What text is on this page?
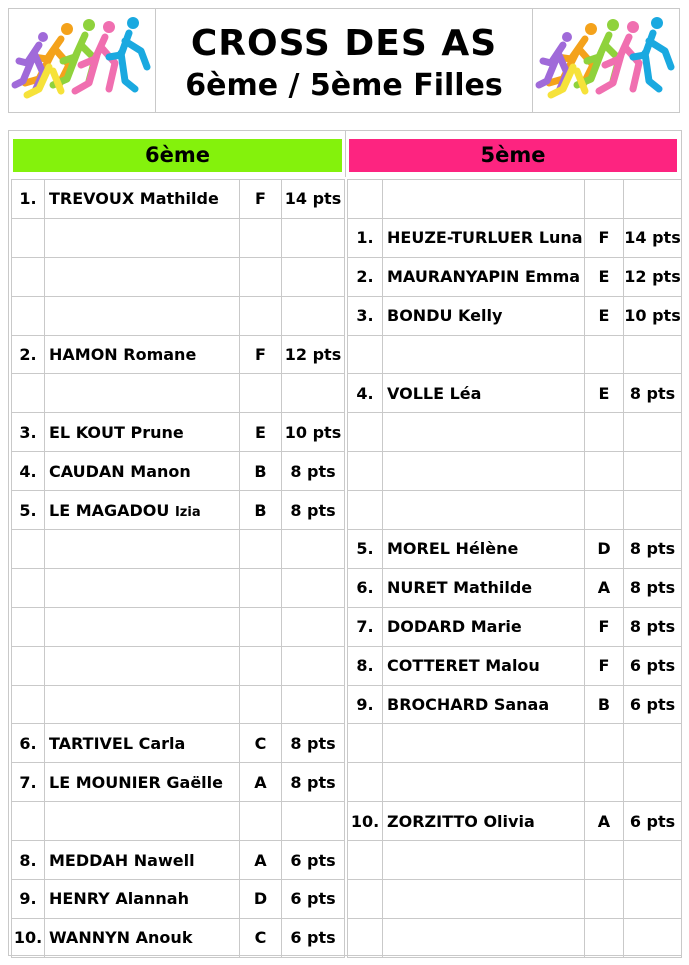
CROSS DES AS
6ème / 5ème Filles
6ème	5ème
1.	TREVOUX Mathilde	F	14 pts

2.	HAMON Romane	F	12 pts

3.	EL KOUT Prune	E	10 pts
4.	CAUDAN Manon	B	8 pts
5.	LE MAGADOU Izia	B	8 pts

6.	TARTIVEL Carla	C	8 pts
7.	LE MOUNIER Gaëlle	A	8 pts

8.	MEDDAH Nawell	A	6 pts
9.	HENRY Alannah	D	6 pts
10.	WANNYN Anouk	C	6 pts

1.	HEUZE-TURLUER Luna	F	14 pts
2.	MAURANYAPIN Emma	E	12 pts
3.	BONDU Kelly	E	10 pts

4.	VOLLE Léa	E	8 pts

5.	MOREL Hélène	D	8 pts
6.	NURET Mathilde	A	8 pts
7.	DODARD Marie	F	8 pts
8.	COTTERET Malou	F	6 pts
9.	BROCHARD Sanaa	B	6 pts

10.	ZORZITTO Olivia	A	6 pts
